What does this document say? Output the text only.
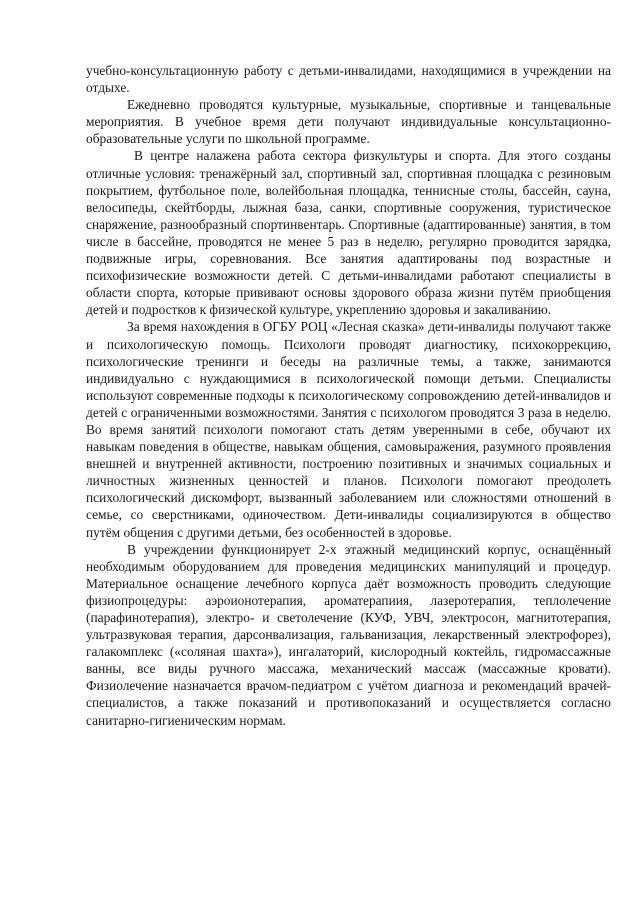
учебно-консультационную работу с детьми-инвалидами, находящимися в учреждении на отдыхе.

Ежедневно проводятся культурные, музыкальные, спортивные и танцевальные мероприятия. В учебное время дети получают индивидуальные консультационно-образовательные услуги по школьной программе.

В центре налажена работа сектора физкультуры и спорта. Для этого созданы отличные условия: тренажёрный зал, спортивный зал, спортивная площадка с резиновым покрытием, футбольное поле, волейбольная площадка, теннисные столы, бассейн, сауна, велосипеды, скейтборды, лыжная база, санки, спортивные сооружения, туристическое снаряжение, разнообразный спортинвентарь. Спортивные (адаптированные) занятия, в том числе в бассейне, проводятся не менее 5 раз в неделю, регулярно проводится зарядка, подвижные игры, соревнования. Все занятия адаптированы под возрастные и психофизические возможности детей. С детьми-инвалидами работают специалисты в области спорта, которые прививают основы здорового образа жизни путём приобщения детей и подростков к физической культуре, укреплению здоровья и закаливанию.

За время нахождения в ОГБУ РОЦ «Лесная сказка» дети-инвалиды получают также и психологическую помощь. Психологи проводят диагностику, психокоррекцию, психологические тренинги и беседы на различные темы, а также, занимаются индивидуально с нуждающимися в психологической помощи детьми. Специалисты используют современные подходы к психологическому сопровождению детей-инвалидов и детей с ограниченными возможностями. Занятия с психологом проводятся 3 раза в неделю. Во время занятий психологи помогают стать детям уверенными в себе, обучают их навыкам поведения в обществе, навыкам общения, самовыражения, разумного проявления внешней и внутренней активности, построению позитивных и значимых социальных и личностных жизненных ценностей и планов. Психологи помогают преодолеть психологический дискомфорт, вызванный заболеванием или сложностями отношений в семье, со сверстниками, одиночеством. Дети-инвалиды социализируются в общество путём общения с другими детьми, без особенностей в здоровье.

В учреждении функционирует 2-х этажный медицинский корпус, оснащённый необходимым оборудованием для проведения медицинских манипуляций и процедур. Материальное оснащение лечебного корпуса даёт возможность проводить следующие физиопроцедуры: аэроионотерапия, ароматерапиия, лазеротерапия, теплолечение (парафинотерапия), электро- и светолечение (КУФ, УВЧ, электросон, магнитотерапия, ультразвуковая терапия, дарсонвализация, гальванизация, лекарственный электрофорез), галакомплекс («соляная шахта»), ингалаторий, кислородный коктейль, гидромассажные ванны, все виды ручного массажа, механический массаж (массажные кровати). Физиолечение назначается врачом-педиатром с учётом диагноза и рекомендаций врачей-специалистов, а также показаний и противопоказаний и осуществляется согласно санитарно-гигиеническим нормам.
